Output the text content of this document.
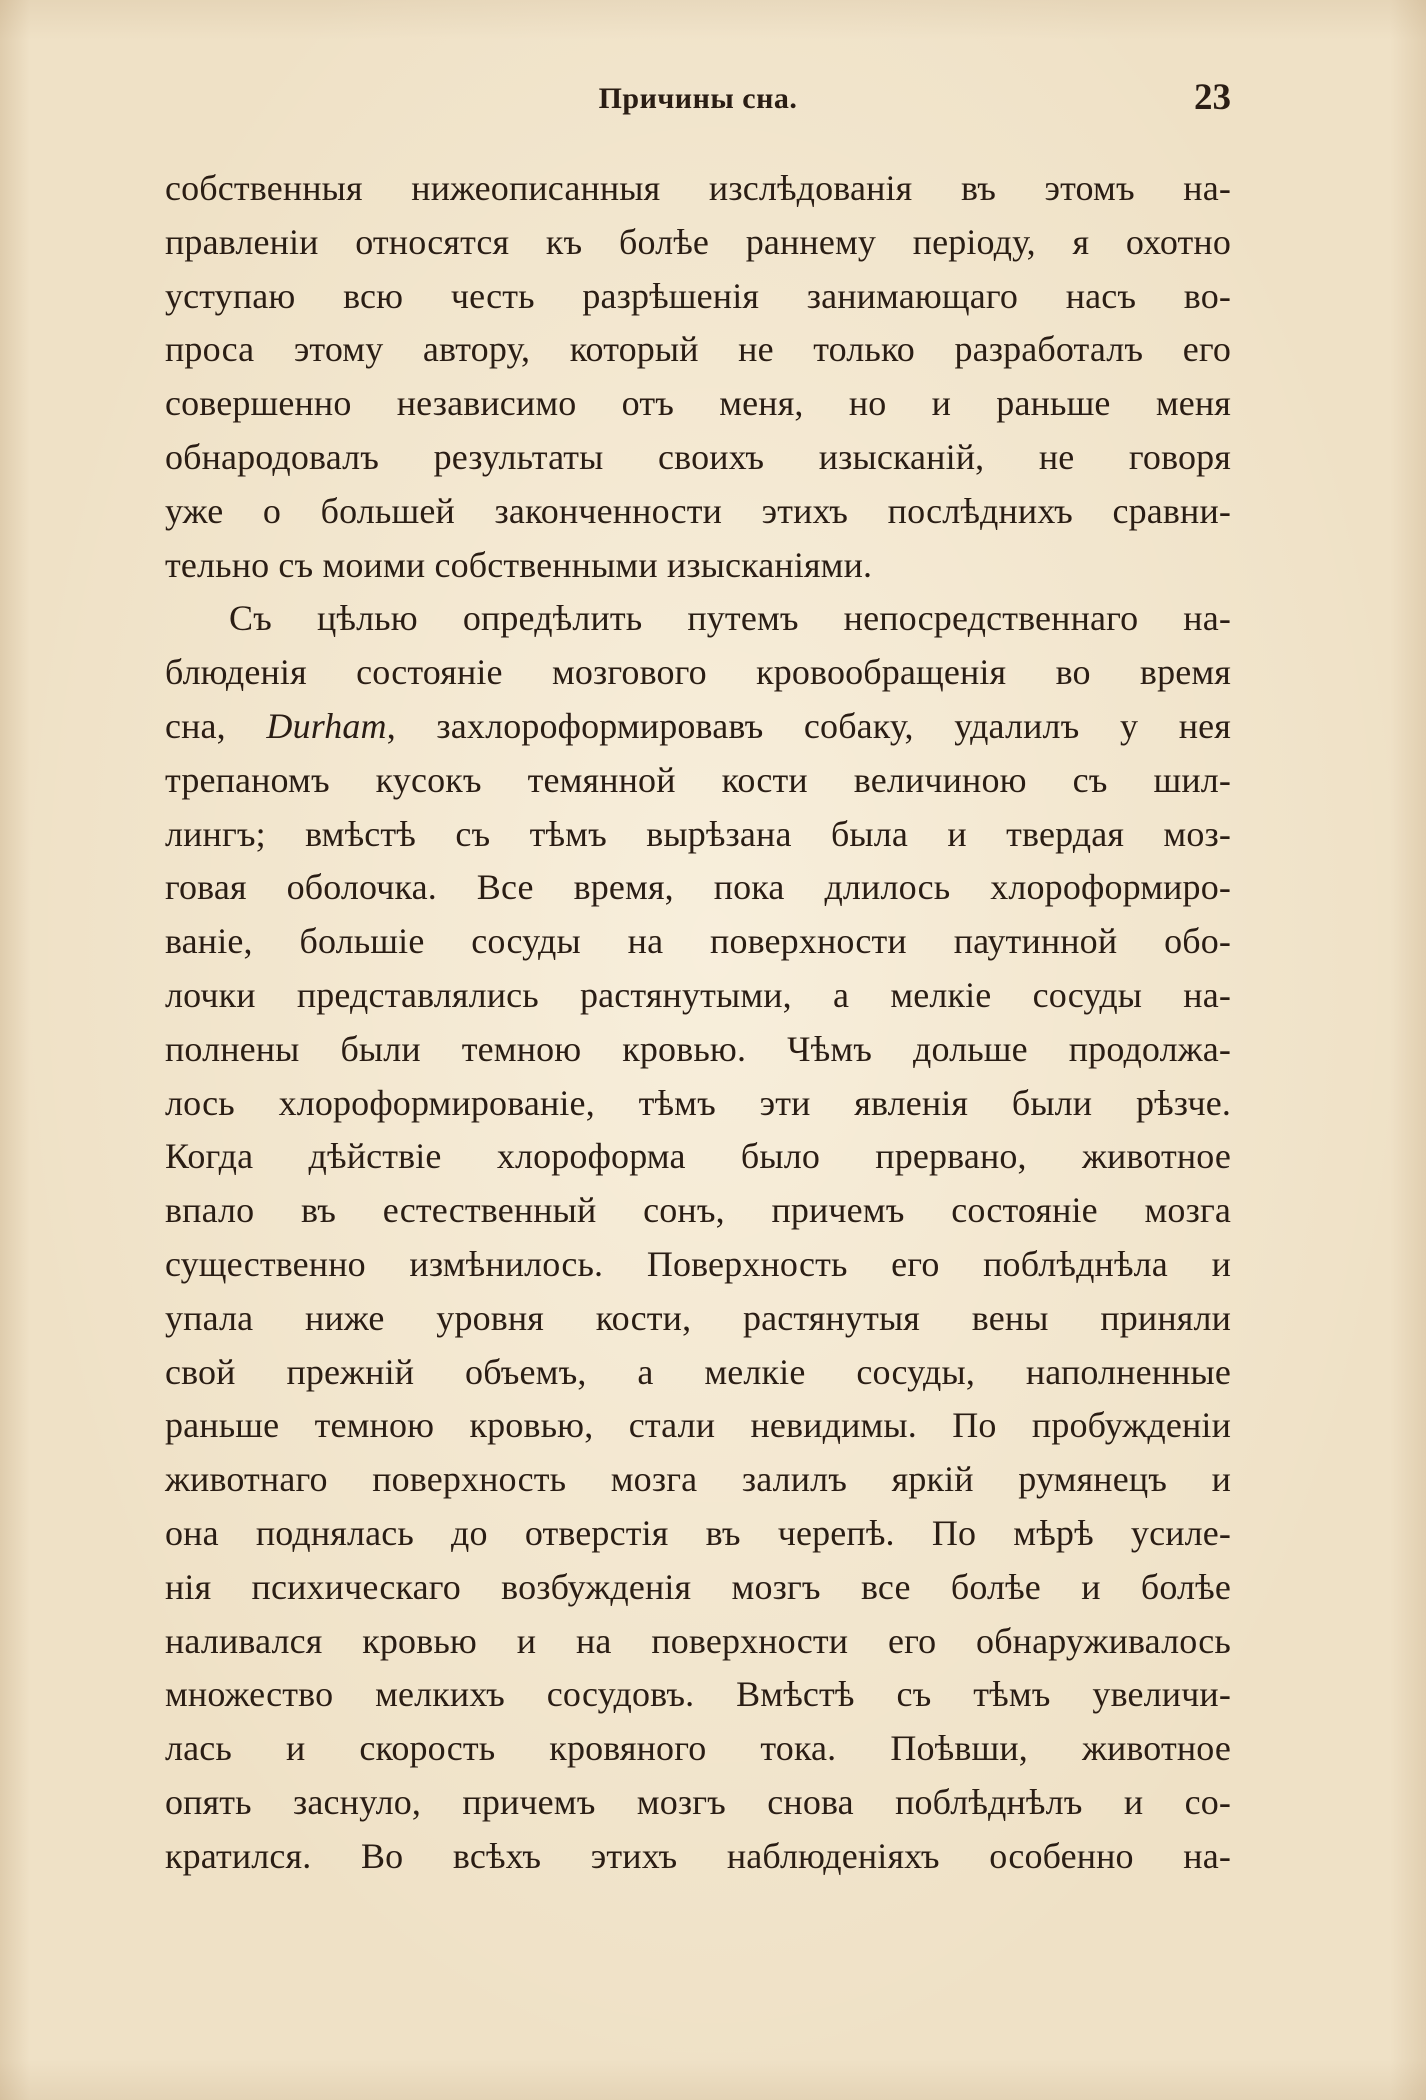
Причины сна.	23
собственныя нижеописанныя изслѣдованія въ этомъ на-
правленіи относятся къ болѣе раннему періоду, я охотно
уступаю всю честь разрѣшенія занимающаго насъ во-
проса этому автору, который не только разработалъ его
совершенно независимо отъ меня, но и раньше меня
обнародовалъ результаты своихъ изысканій, не говоря
уже о большей законченности этихъ послѣднихъ сравни-
тельно съ моими собственными изысканіями.
Съ цѣлью опредѣлить путемъ непосредственнаго на-
блюденія состояніе мозгового кровообращенія во время
сна, Durham, захлороформировавъ собаку, удалилъ у нея
трепаномъ кусокъ темянной кости величиною съ шил-
лингъ; вмѣстѣ съ тѣмъ вырѣзана была и твердая моз-
говая оболочка. Все время, пока длилось хлороформиро-
ваніе, большіе сосуды на поверхности паутинной обо-
лочки представлялись растянутыми, а мелкіе сосуды на-
полнены были темною кровью. Чѣмъ дольше продолжа-
лось хлороформированіе, тѣмъ эти явленія были рѣзче.
Когда дѣйствіе хлороформа было прервано, животное
впало въ естественный сонъ, причемъ состояніе мозга
существенно измѣнилось. Поверхность его поблѣднѣла и
упала ниже уровня кости, растянутыя вены приняли
свой прежній объемъ, а мелкіе сосуды, наполненные
раньше темною кровью, стали невидимы. По пробужденіи
животнаго поверхность мозга залилъ яркій румянецъ и
она поднялась до отверстія въ черепѣ. По мѣрѣ усиле-
нія психическаго возбужденія мозгъ все болѣе и болѣе
наливался кровью и на поверхности его обнаруживалось
множество мелкихъ сосудовъ. Вмѣстѣ съ тѣмъ увеличи-
лась и скорость кровяного тока. Поѣвши, животное
опять заснуло, причемъ мозгъ снова поблѣднѣлъ и со-
кратился. Во всѣхъ этихъ наблюденіяхъ особенно на-
